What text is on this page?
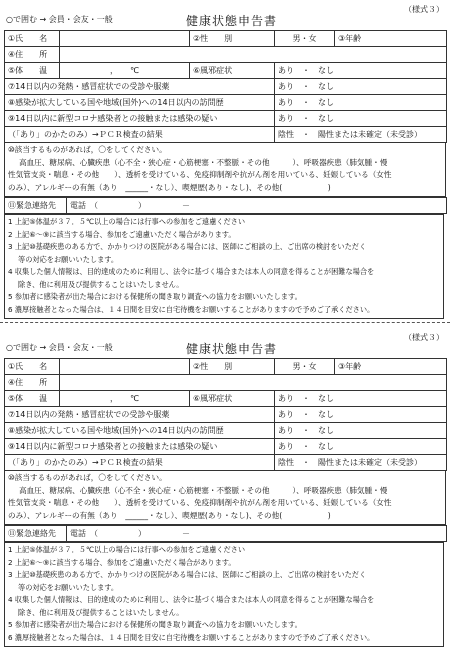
○で囲む → 会員・会友・一般	健康状態申告書
（様式３）
①氏　　名		②性　　別	男・女	③年齢
④住　　所				
⑤体　　温	，　　℃	⑥風邪症状	あり　・　なし	
⑦14日以内の発熱・感冒症状での受診や服薬			あり　・　なし	
⑧感染が拡大している国や地域(国外)への14日以内の訪問歴			あり　・　なし	
⑨14日以内に新型コロナ感染者との接触または感染の疑い			あり　・　なし	
（「あり」のかたのみ）→ＰＣＲ検査の結果			陰性　・　陽性または未確定（未受診）	
⑩該当するものがあれば，〇をしてください。
高血圧、糖尿病、心臓疾患（心不全・狭心症・心筋梗塞・不整脈・その他　　　）、呼吸器疾患（肺気腫・慢
性気管支炎・喘息・その他　　）、透析を受けている、免疫抑制剤や抗がん剤を用いている、妊娠している（女性
のみ）、アレルギーの有無（あり　______・なし）、喫煙歴(あり・なし)、その他(　　　　　　)
⑪緊急連絡先	電話　（　　　　　）　　　　　－
1 上記⑤体温が３７．５℃以上の場合には行事への参加をご遠慮ください
2 上記⑥～⑨に該当する場合、参加をご遠慮いただく場合があります。
3 上記⑩基礎疾患のある方で、かかりつけの医院がある場合には、医師にご相談の上、ご出席の検討をいただく
等の対応をお願いいたします。
4 収集した個人情報は、目的達成のために利用し、法令に基づく場合または本人の同意を得ることが困難な場合を
除き、他に利用及び提供することはいたしません。
5 参加者に感染者が出た場合における保健所の聞き取り調査への協力をお願いいたします。
6 濃厚接触者となった場合は、１４日間を目安に自宅待機をお願いすることがありますので予めご了承ください。
○で囲む → 会員・会友・一般	健康状態申告書
（様式３）
①氏　　名		②性　　別	男・女	③年齢
④住　　所				
⑤体　　温	，　　℃	⑥風邪症状	あり　・　なし	
⑦14日以内の発熱・感冒症状での受診や服薬			あり　・　なし	
⑧感染が拡大している国や地域(国外)への14日以内の訪問歴			あり　・　なし	
⑨14日以内に新型コロナ感染者との接触または感染の疑い			あり　・　なし	
（「あり」のかたのみ）→ＰＣＲ検査の結果			陰性　・　陽性または未確定（未受診）	
⑩該当するものがあれば，〇をしてください。
高血圧、糖尿病、心臓疾患（心不全・狭心症・心筋梗塞・不整脈・その他　　　）、呼吸器疾患（肺気腫・慢
性気管支炎・喘息・その他　　）、透析を受けている、免疫抑制剤や抗がん剤を用いている、妊娠している（女性
のみ）、アレルギーの有無（あり　______・なし）、喫煙歴(あり・なし)、その他(　　　　　　)
⑪緊急連絡先	電話　（　　　　　）　　　　　－
1 上記⑤体温が３７．５℃以上の場合には行事への参加をご遠慮ください
2 上記⑥～⑨に該当する場合、参加をご遠慮いただく場合があります。
3 上記⑩基礎疾患のある方で、かかりつけの医院がある場合には、医師にご相談の上、ご出席の検討をいただく
等の対応をお願いいたします。
4 収集した個人情報は、目的達成のために利用し、法令に基づく場合または本人の同意を得ることが困難な場合を
除き、他に利用及び提供することはいたしません。
5 参加者に感染者が出た場合における保健所の聞き取り調査への協力をお願いいたします。
6 濃厚接触者となった場合は、１４日間を目安に自宅待機をお願いすることがありますので予めご了承ください。
